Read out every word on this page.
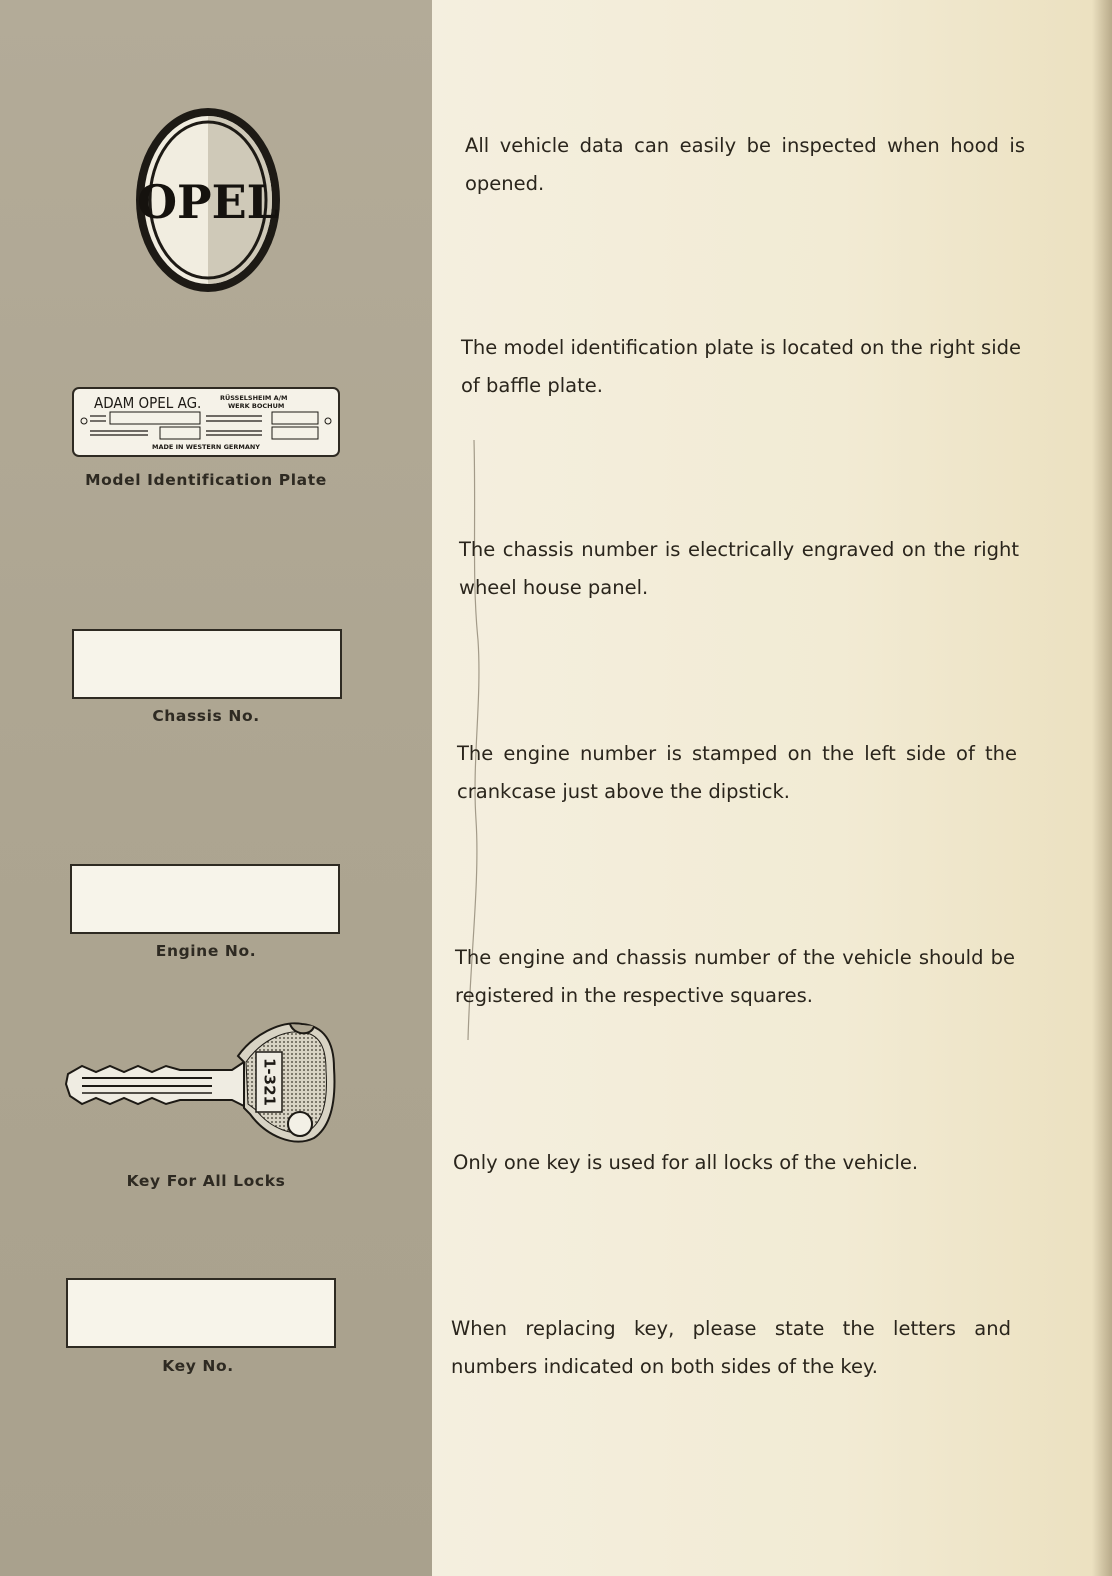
OPEL
ADAM OPEL AG.	RÜSSELSHEIM A/M
WERK BOCHUM
MADE IN WESTERN GERMANY
Model Identification Plate
Chassis No.
Engine No.
1-321
Key For All Locks
Key No.
All vehicle data can easily be inspected when hood is opened.
The model identification plate is located on the right side of baffle plate.
The chassis number is electrically engraved on the right wheel house panel.
The engine number is stamped on the left side of the crankcase just above the dipstick.
The engine and chassis number of the vehicle should be registered in the respective squares.
Only one key is used for all locks of the vehicle.
When replacing key, please state the letters and numbers indicated on both sides of the key.
